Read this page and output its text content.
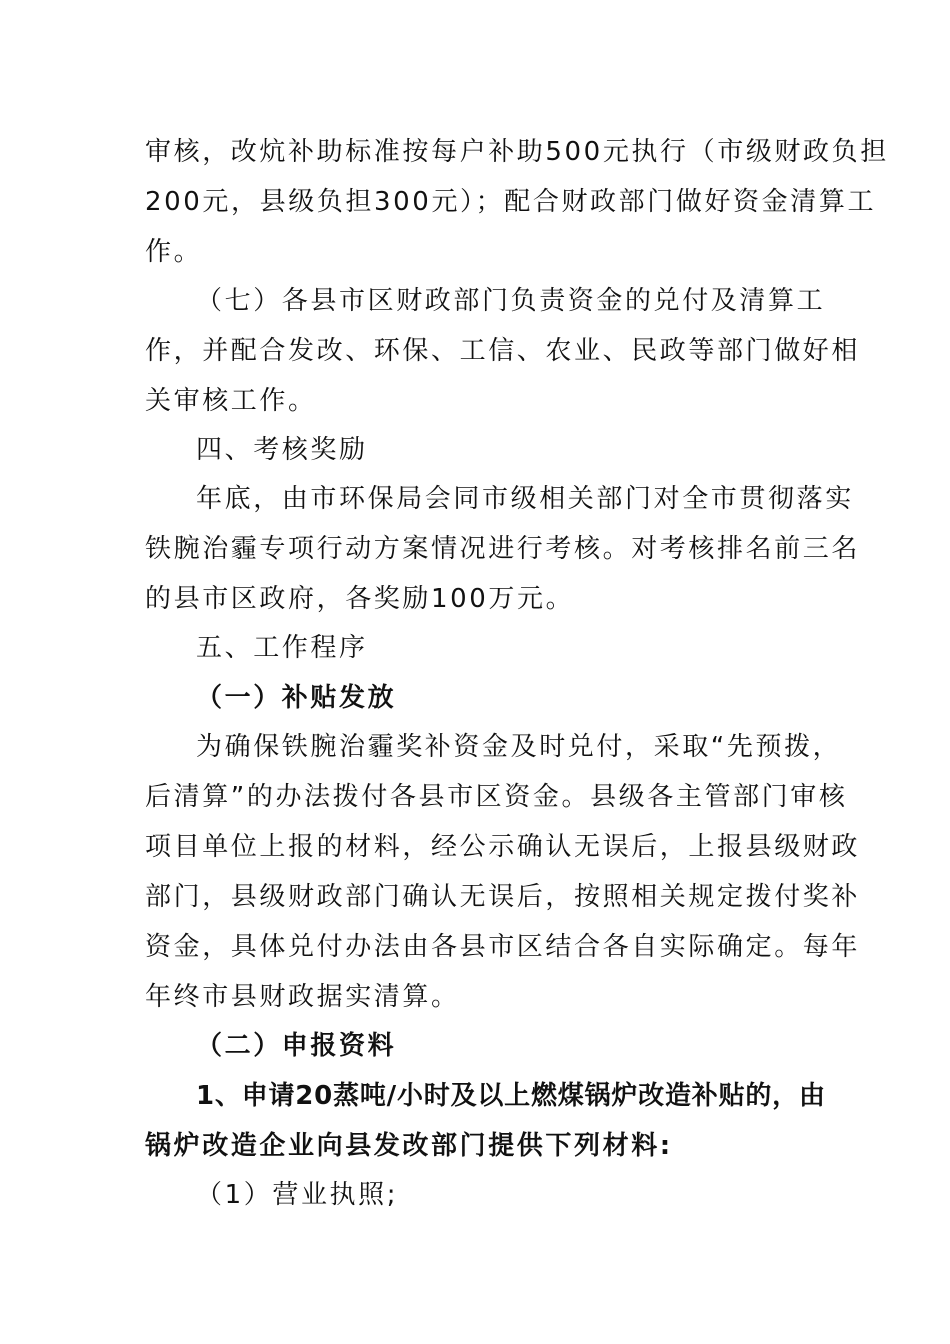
审核，改炕补助标准按每户补助500元执行（市级财政负担
200元，县级负担300元）；配合财政部门做好资金清算工
作。
（七）各县市区财政部门负责资金的兑付及清算工
作，并配合发改、环保、工信、农业、民政等部门做好相
关审核工作。
四、考核奖励
年底，由市环保局会同市级相关部门对全市贯彻落实
铁腕治霾专项行动方案情况进行考核。对考核排名前三名
的县市区政府，各奖励100万元。
五、工作程序
（一）补贴发放
为确保铁腕治霾奖补资金及时兑付，采取“先预拨，
后清算”的办法拨付各县市区资金。县级各主管部门审核
项目单位上报的材料，经公示确认无误后，上报县级财政
部门，县级财政部门确认无误后，按照相关规定拨付奖补
资金，具体兑付办法由各县市区结合各自实际确定。每年
年终市县财政据实清算。
（二）申报资料
1、申请20蒸吨/小时及以上燃煤锅炉改造补贴的，由
锅炉改造企业向县发改部门提供下列材料:
（1）营业执照;
